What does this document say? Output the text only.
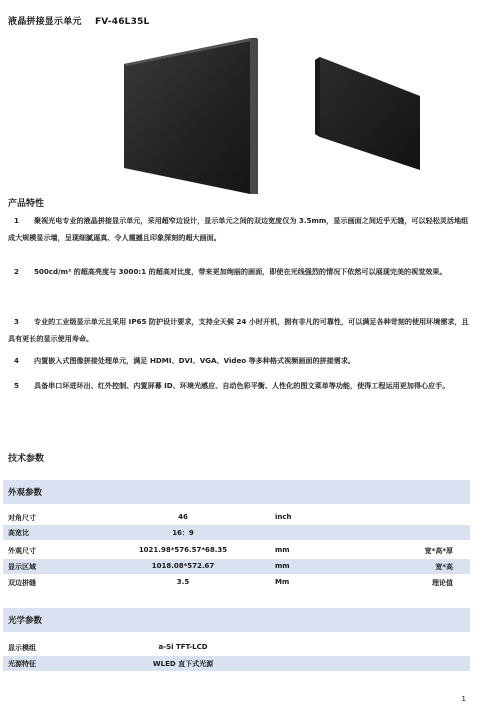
液晶拼接显示单元 FV-46L35L
产品特性
1 聚视光电专业的液晶拼接显示单元，采用超窄边设计，显示单元之间的双边宽度仅为 3.5mm，显示画面之间近乎无缝，可以轻松灵活地组成大规模显示墙，呈现细腻逼真、令人震撼且印象深刻的超大画面。
2 500cd/m² 的超高亮度与 3000:1 的超高对比度，带来更加绚丽的画面，即使在光线强烈的情况下依然可以展现完美的视觉效果。
3 专业的工业级显示单元且采用 IP65 防护设计要求，支持全天候 24 小时开机，拥有非凡的可靠性，可以满足各种苛刻的使用环境需求，且具有更长的显示使用寿命。
4 内置嵌入式图像拼接处理单元，满足 HDMI、DVI、VGA、Video 等多种格式视频画面的拼接需求。
5 具备串口环进环出、红外控制、内置屏幕 ID、环境光感应、自动色彩平衡、人性化的图文菜单等功能，使得工程运用更加得心应手。
技术参数
外观参数
对角尺寸	46	inch
高宽比	16：9
外观尺寸	1021.98*576.57*68.35	mm	宽*高*厚
显示区域	1018.08*572.67	mm	宽*高
双边拼缝	3.5	Mm	理论值
光学参数
显示模组	a-Si TFT-LCD
光源特征	WLED 直下式光源
1
